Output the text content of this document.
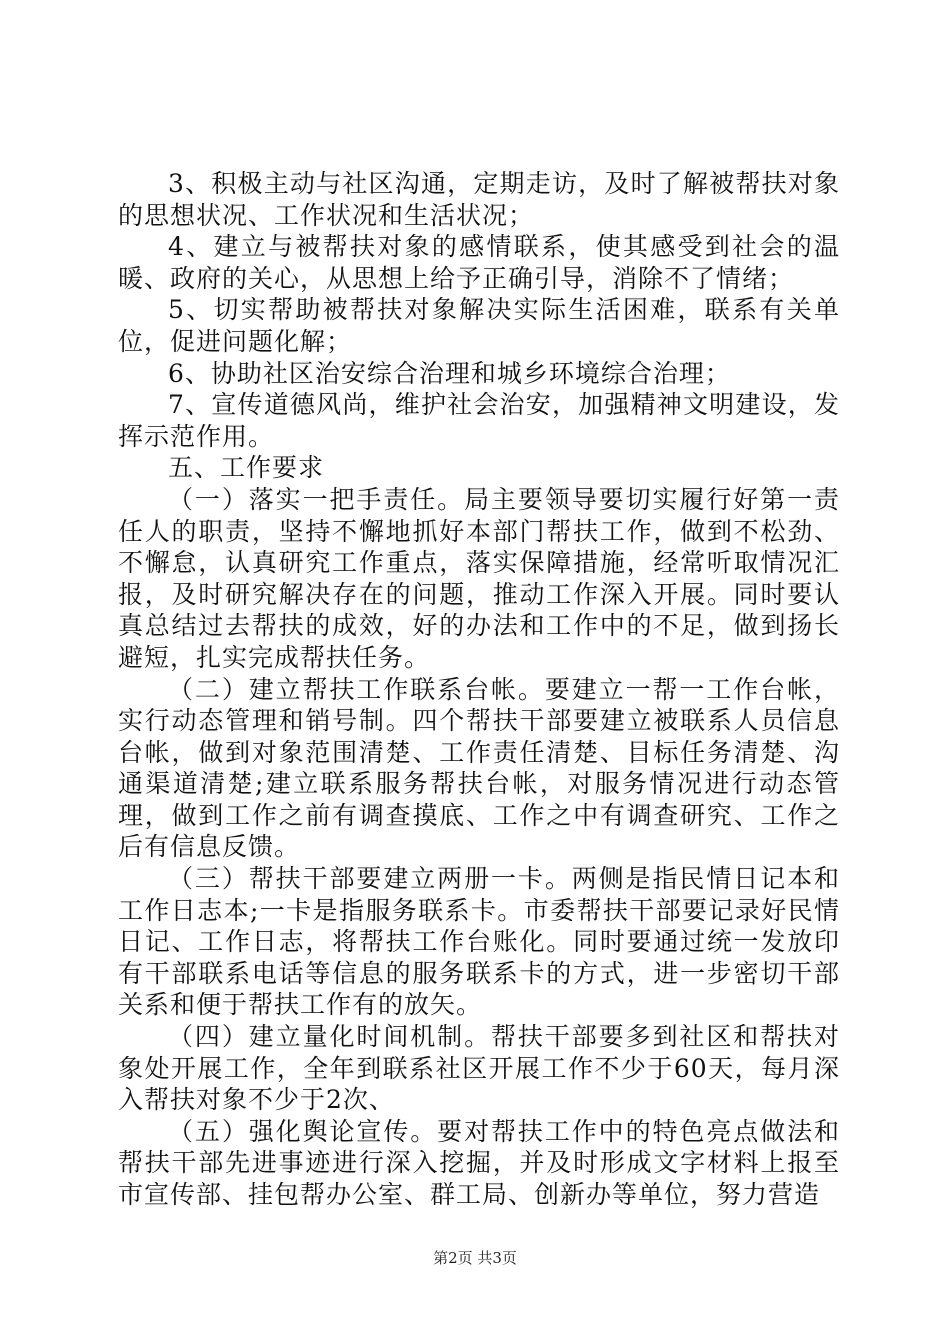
3、积极主动与社区沟通，定期走访，及时了解被帮扶对象的思想状况、工作状况和生活状况；

4、建立与被帮扶对象的感情联系，使其感受到社会的温暖、政府的关心，从思想上给予正确引导，消除不了情绪；

5、切实帮助被帮扶对象解决实际生活困难，联系有关单位，促进问题化解；

6、协助社区治安综合治理和城乡环境综合治理；

7、宣传道德风尚，维护社会治安，加强精神文明建设，发挥示范作用。

五、工作要求

（一）落实一把手责任。局主要领导要切实履行好第一责任人的职责，坚持不懈地抓好本部门帮扶工作，做到不松劲、不懈怠，认真研究工作重点，落实保障措施，经常听取情况汇报，及时研究解决存在的问题，推动工作深入开展。同时要认真总结过去帮扶的成效，好的办法和工作中的不足，做到扬长避短，扎实完成帮扶任务。

（二）建立帮扶工作联系台帐。要建立一帮一工作台帐，实行动态管理和销号制。四个帮扶干部要建立被联系人员信息台帐，做到对象范围清楚、工作责任清楚、目标任务清楚、沟通渠道清楚;建立联系服务帮扶台帐，对服务情况进行动态管理，做到工作之前有调查摸底、工作之中有调查研究、工作之后有信息反馈。

（三）帮扶干部要建立两册一卡。两侧是指民情日记本和工作日志本;一卡是指服务联系卡。市委帮扶干部要记录好民情日记、工作日志，将帮扶工作台账化。同时要通过统一发放印有干部联系电话等信息的服务联系卡的方式，进一步密切干部关系和便于帮扶工作有的放矢。

（四）建立量化时间机制。帮扶干部要多到社区和帮扶对象处开展工作，全年到联系社区开展工作不少于60天，每月深入帮扶对象不少于2次、

（五）强化舆论宣传。要对帮扶工作中的特色亮点做法和帮扶干部先进事迹进行深入挖掘，并及时形成文字材料上报至市宣传部、挂包帮办公室、群工局、创新办等单位，努力营造

第2页 共3页
